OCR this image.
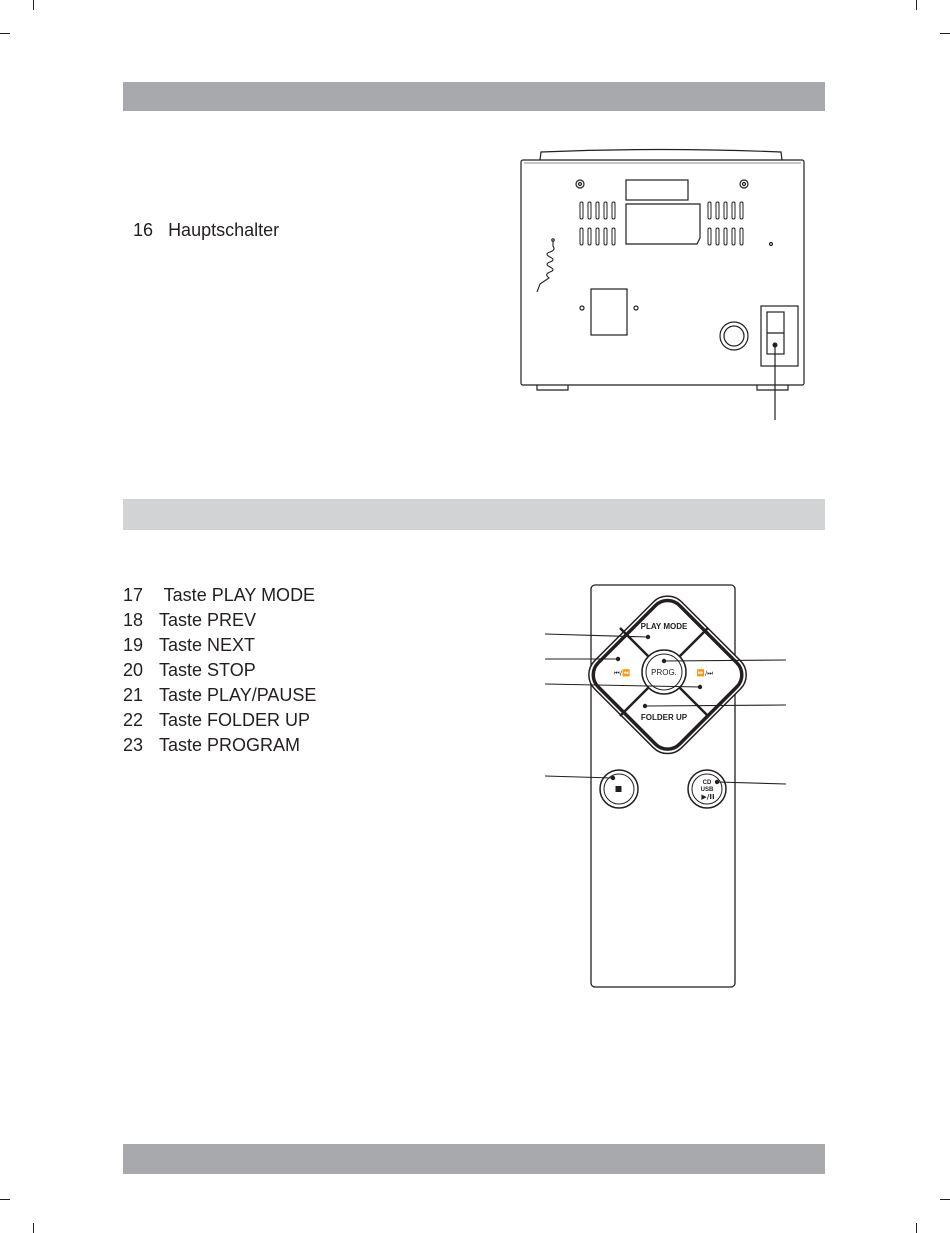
16 Hauptschalter

17 Taste PLAY MODE
18 Taste PREV
19 Taste NEXT
20 Taste STOP
21 Taste PLAY/PAUSE
22 Taste FOLDER UP
23 Taste PROGRAM
PLAY MODE
FOLDER UP
PROG.
⏮/⏪	⏩/⏭
CD
USB
▶/II
